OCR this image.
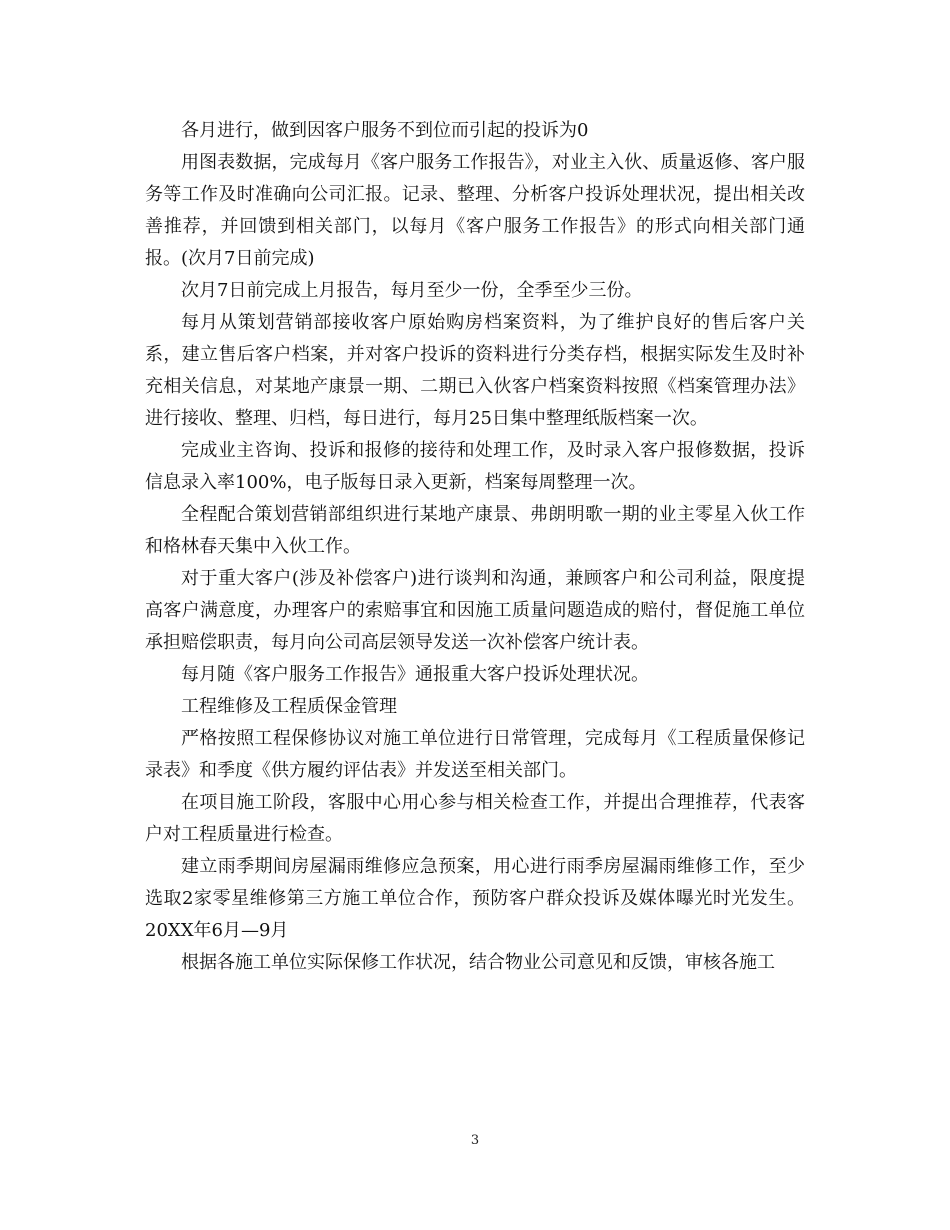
各月进行，做到因客户服务不到位而引起的投诉为0

用图表数据，完成每月《客户服务工作报告》，对业主入伙、质量返修、客户服务等工作及时准确向公司汇报。记录、整理、分析客户投诉处理状况，提出相关改善推荐，并回馈到相关部门，以每月《客户服务工作报告》的形式向相关部门通报。(次月7日前完成)

次月7日前完成上月报告，每月至少一份，全季至少三份。

每月从策划营销部接收客户原始购房档案资料，为了维护良好的售后客户关系，建立售后客户档案，并对客户投诉的资料进行分类存档，根据实际发生及时补充相关信息，对某地产康景一期、二期已入伙客户档案资料按照《档案管理办法》进行接收、整理、归档，每日进行，每月25日集中整理纸版档案一次。

完成业主咨询、投诉和报修的接待和处理工作，及时录入客户报修数据，投诉信息录入率100%，电子版每日录入更新，档案每周整理一次。

全程配合策划营销部组织进行某地产康景、弗朗明歌一期的业主零星入伙工作和格林春天集中入伙工作。

对于重大客户(涉及补偿客户)进行谈判和沟通，兼顾客户和公司利益，限度提高客户满意度，办理客户的索赔事宜和因施工质量问题造成的赔付，督促施工单位承担赔偿职责，每月向公司高层领导发送一次补偿客户统计表。

每月随《客户服务工作报告》通报重大客户投诉处理状况。

工程维修及工程质保金管理

严格按照工程保修协议对施工单位进行日常管理，完成每月《工程质量保修记录表》和季度《供方履约评估表》并发送至相关部门。

在项目施工阶段，客服中心用心参与相关检查工作，并提出合理推荐，代表客户对工程质量进行检查。

建立雨季期间房屋漏雨维修应急预案，用心进行雨季房屋漏雨维修工作，至少选取2家零星维修第三方施工单位合作，预防客户群众投诉及媒体曝光时光发生。20XX年6月—9月

根据各施工单位实际保修工作状况，结合物业公司意见和反馈，审核各施工

3
